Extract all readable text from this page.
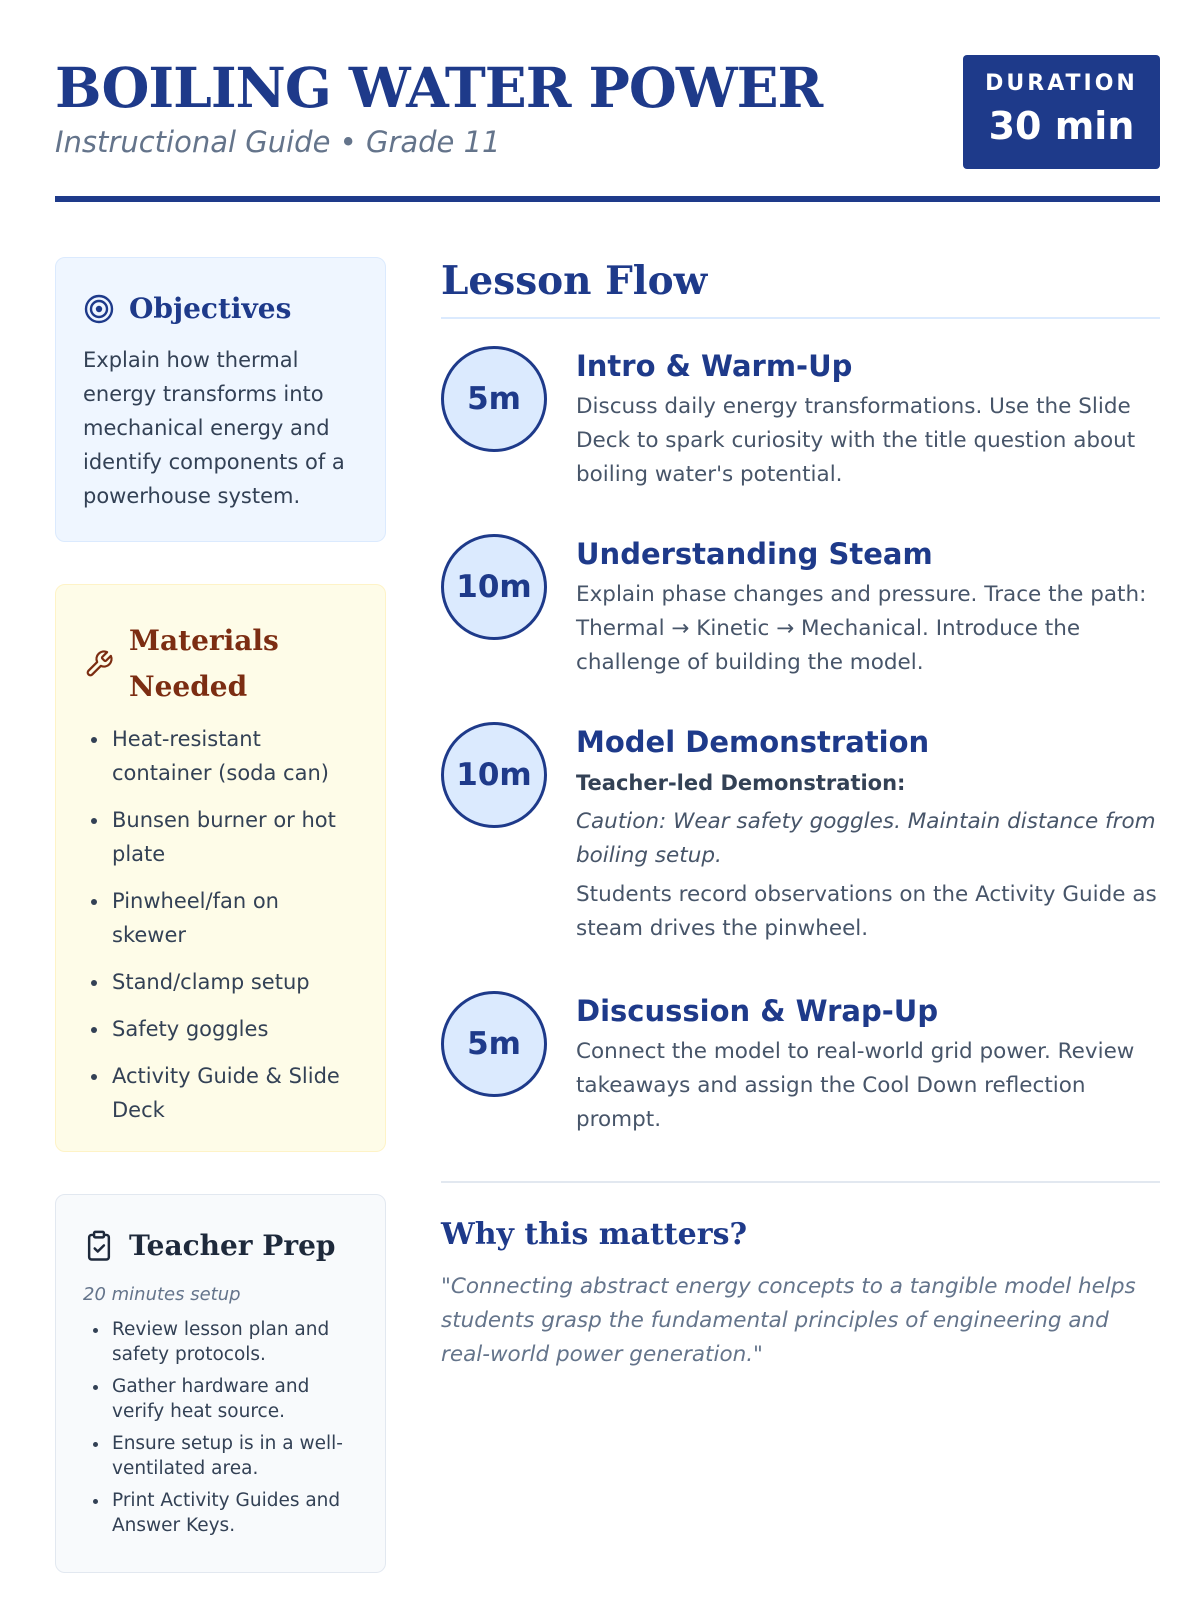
BOILING WATER POWER
Instructional Guide • Grade 11
DURATION
30 min
Objectives

Explain how thermal energy transforms into mechanical energy and identify components of a powerhouse system.

Materials Needed
• Heat-resistant container (soda can)
• Bunsen burner or hot plate
• Pinwheel/fan on skewer
• Stand/clamp setup
• Safety goggles
• Activity Guide & Slide Deck
Teacher Prep
20 minutes setup
• Review lesson plan and safety protocols.
• Gather hardware and verify heat source.
• Ensure setup is in a well-ventilated area.
• Print Activity Guides and Answer Keys.
Lesson Flow
5m
Intro & Warm-Up
Discuss daily energy transformations. Use the Slide Deck to spark curiosity with the title question about boiling water's potential.
10m
Understanding Steam
Explain phase changes and pressure. Trace the path: Thermal → Kinetic → Mechanical. Introduce the challenge of building the model.
10m
Model Demonstration
Teacher-led Demonstration:
Caution: Wear safety goggles. Maintain distance from boiling setup.
Students record observations on the Activity Guide as steam drives the pinwheel.
5m
Discussion & Wrap-Up
Connect the model to real-world grid power. Review takeaways and assign the Cool Down reflection prompt.
Why this matters?
"Connecting abstract energy concepts to a tangible model helps students grasp the fundamental principles of engineering and real-world power generation."
